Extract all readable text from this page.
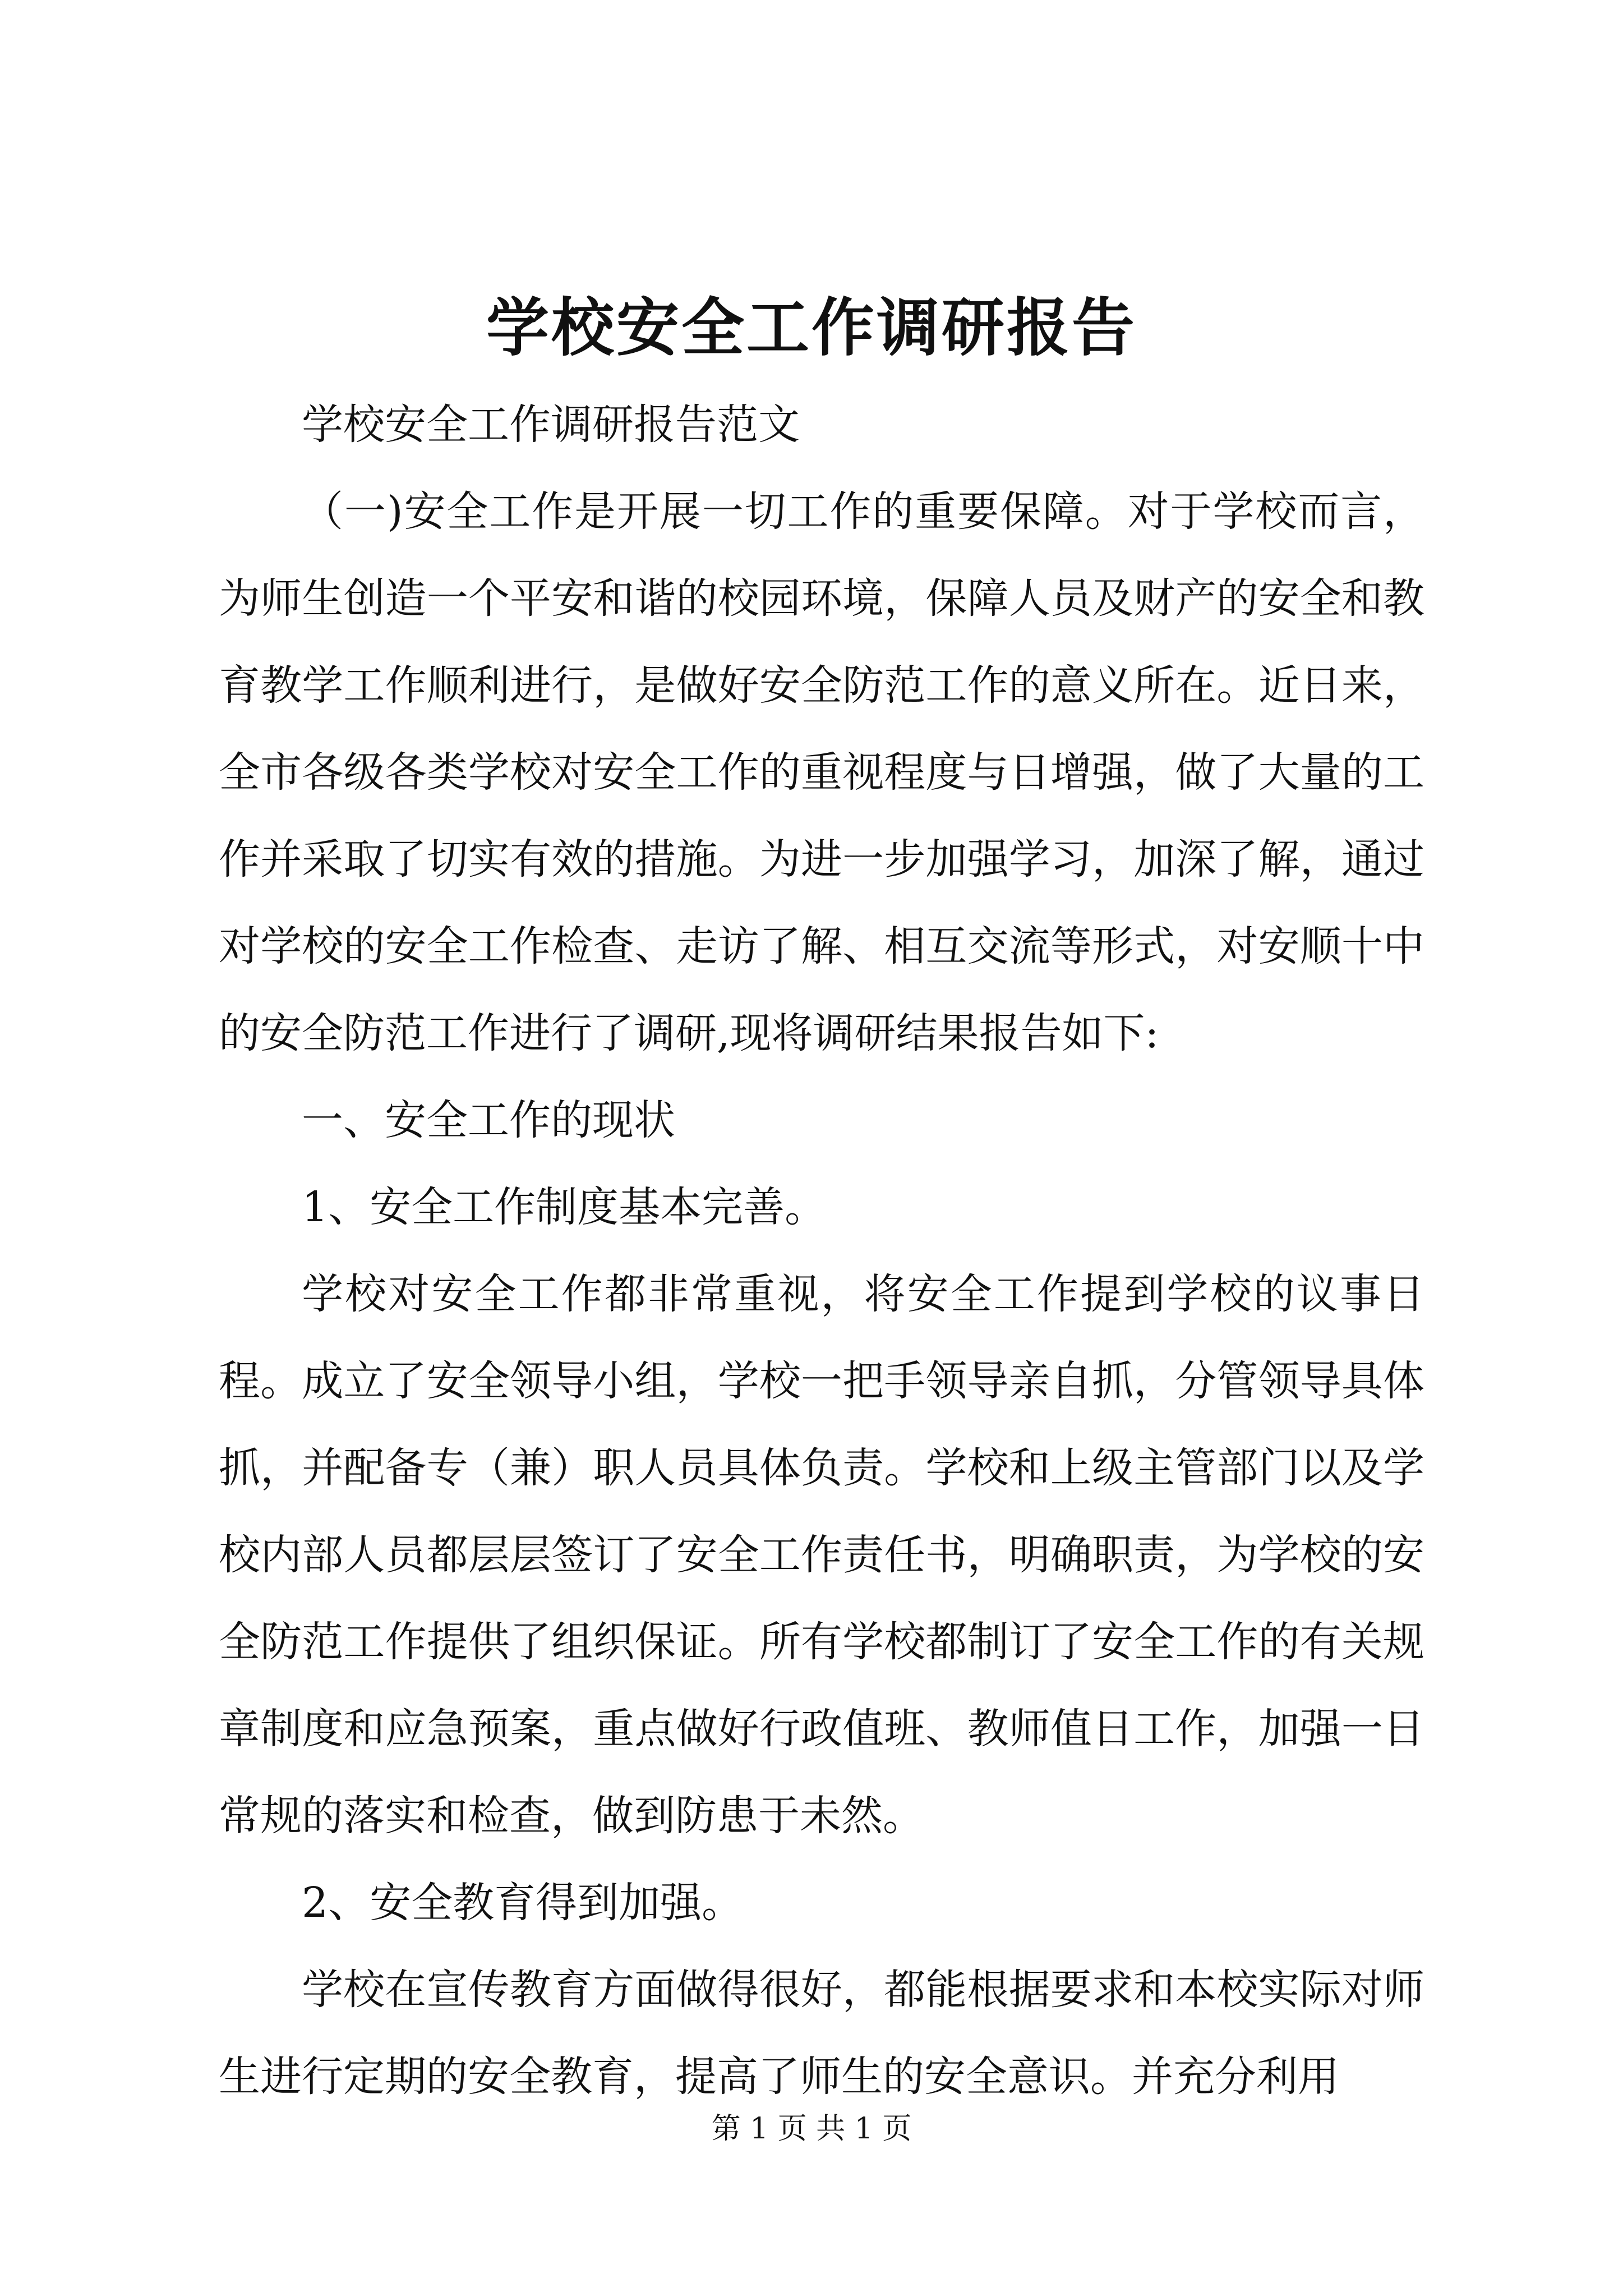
学校安全工作调研报告

学校安全工作调研报告范文

（一)安全工作是开展一切工作的重要保障。对于学校而言，为师生创造一个平安和谐的校园环境，保障人员及财产的安全和教育教学工作顺利进行，是做好安全防范工作的意义所在。近日来，全市各级各类学校对安全工作的重视程度与日增强，做了大量的工作并采取了切实有效的措施。为进一步加强学习，加深了解，通过对学校的安全工作检查、走访了解、相互交流等形式，对安顺十中的安全防范工作进行了调研,现将调研结果报告如下:

一、安全工作的现状

1、安全工作制度基本完善。

学校对安全工作都非常重视，将安全工作提到学校的议事日程。成立了安全领导小组，学校一把手领导亲自抓，分管领导具体抓，并配备专（兼）职人员具体负责。学校和上级主管部门以及学校内部人员都层层签订了安全工作责任书，明确职责，为学校的安全防范工作提供了组织保证。所有学校都制订了安全工作的有关规章制度和应急预案，重点做好行政值班、教师值日工作，加强一日常规的落实和检查，做到防患于未然。

2、安全教育得到加强。

学校在宣传教育方面做得很好，都能根据要求和本校实际对师生进行定期的安全教育，提高了师生的安全意识。并充分利用

第 1 页 共 1 页
